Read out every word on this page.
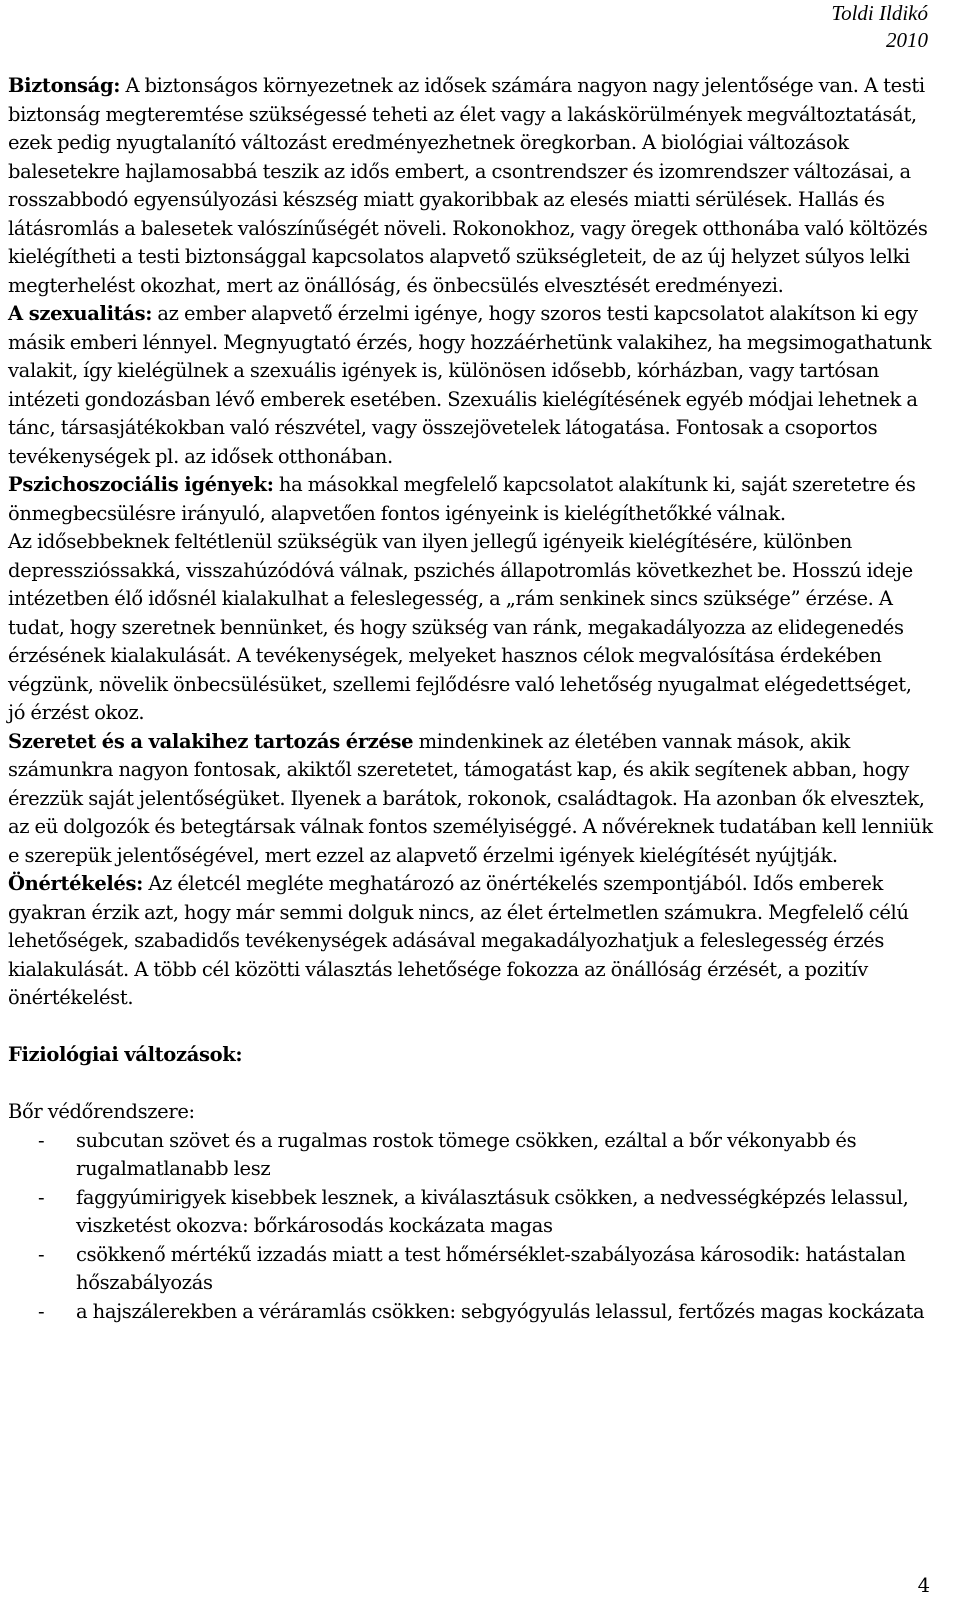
Toldi Ildikó
2010

Biztonság: A biztonságos környezetnek az idősek számára nagyon nagy jelentősége van. A testi biztonság megteremtése szükségessé teheti az élet vagy a lakáskörülmények megváltoztatását, ezek pedig nyugtalanító változást eredményezhetnek öregkorban. A biológiai változások balesetekre hajlamosabbá teszik az idős embert, a csontrendszer és izomrendszer változásai, a rosszabbodó egyensúlyozási készség miatt gyakoribbak az elesés miatti sérülések. Hallás és látásromlás a balesetek valószínűségét növeli. Rokonokhoz, vagy öregek otthonába való költözés kielégítheti a testi biztonsággal kapcsolatos alapvető szükségleteit, de az új helyzet súlyos lelki megterhelést okozhat, mert az önállóság, és önbecsülés elvesztését eredményezi.

A szexualitás: az ember alapvető érzelmi igénye, hogy szoros testi kapcsolatot alakítson ki egy másik emberi lénnyel. Megnyugtató érzés, hogy hozzáérhetünk valakihez, ha megsimogathatunk valakit, így kielégülnek a szexuális igények is, különösen idősebb, kórházban, vagy tartósan intézeti gondozásban lévő emberek esetében. Szexuális kielégítésének egyéb módjai lehetnek a tánc, társasjátékokban való részvétel, vagy összejövetelek látogatása. Fontosak a csoportos tevékenységek pl. az idősek otthonában.

Pszichoszociális igények: ha másokkal megfelelő kapcsolatot alakítunk ki, saját szeretetre és önmegbecsülésre irányuló, alapvetően fontos igényeink is kielégíthetőkké válnak.

Az idősebbeknek feltétlenül szükségük van ilyen jellegű igényeik kielégítésére, különben depresszióssakká, visszahúzódóvá válnak, pszichés állapotromlás következhet be. Hosszú ideje intézetben élő idősnél kialakulhat a feleslegesség, a „rám senkinek sincs szüksége” érzése. A tudat, hogy szeretnek bennünket, és hogy szükség van ránk, megakadályozza az elidegenedés érzésének kialakulását. A tevékenységek, melyeket hasznos célok megvalósítása érdekében végzünk, növelik önbecsülésüket, szellemi fejlődésre való lehetőség nyugalmat elégedettséget, jó érzést okoz.

Szeretet és a valakihez tartozás érzése mindenkinek az életében vannak mások, akik számunkra nagyon fontosak, akiktől szeretetet, támogatást kap, és akik segítenek abban, hogy érezzük saját jelentőségüket. Ilyenek a barátok, rokonok, családtagok. Ha azonban ők elvesztek, az eü dolgozók és betegtársak válnak fontos személyiséggé. A nővéreknek tudatában kell lenniük e szerepük jelentőségével, mert ezzel az alapvető érzelmi igények kielégítését nyújtják.

Önértékelés: Az életcél megléte meghatározó az önértékelés szempontjából. Idős emberek gyakran érzik azt, hogy már semmi dolguk nincs, az élet értelmetlen számukra. Megfelelő célú lehetőségek, szabadidős tevékenységek adásával megakadályozhatjuk a feleslegesség érzés kialakulását. A több cél közötti választás lehetősége fokozza az önállóság érzését, a pozitív önértékelést.

Fiziológiai változások:

Bőr védőrendszere:

- subcutan szövet és a rugalmas rostok tömege csökken, ezáltal a bőr vékonyabb és rugalmatlanabb lesz
- faggyúmirigyek kisebbek lesznek, a kiválasztásuk csökken, a nedvességképzés lelassul, viszketést okozva: bőrkárosodás kockázata magas
- csökkenő mértékű izzadás miatt a test hőmérséklet-szabályozása károsodik: hatástalan hőszabályozás
- a hajszálerekben a véráramlás csökken: sebgyógyulás lelassul, fertőzés magas kockázata
4
